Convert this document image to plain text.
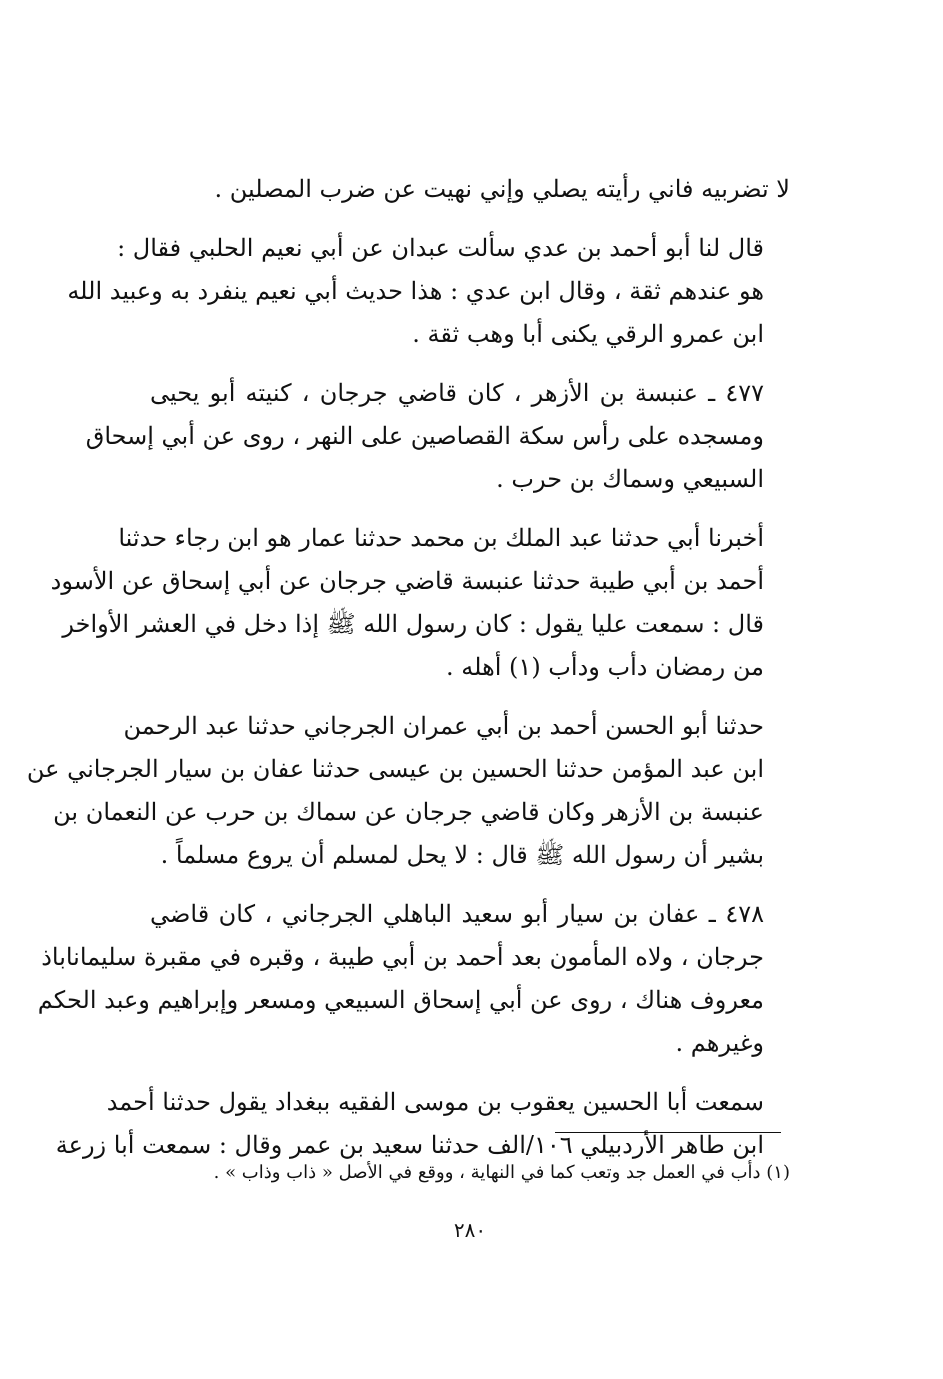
لا تضربيه فاني رأيته يصلي وإني نهيت عن ضرب المصلين .

قال لنا أبو أحمد بن عدي سألت عبدان عن أبي نعيم الحلبي فقال :
هو عندهم ثقة ، وقال ابن عدي : هذا حديث أبي نعيم ينفرد به وعبيد الله
ابن عمرو الرقي يكنى أبا وهب ثقة .

٤٧٧ ـ عنبسة بن الأزهر ، كان قاضي جرجان ، كنيته أبو يحيى
ومسجده على رأس سكة القصاصين على النهر ، روى عن أبي إسحاق
السبيعي وسماك بن حرب .

أخبرنا أبي حدثنا عبد الملك بن محمد حدثنا عمار هو ابن رجاء حدثنا
أحمد بن أبي طيبة حدثنا عنبسة قاضي جرجان عن أبي إسحاق عن الأسود
قال : سمعت عليا يقول : كان رسول الله ﷺ إذا دخل في العشر الأواخر
من رمضان دأب ودأب (١) أهله .

حدثنا أبو الحسن أحمد بن أبي عمران الجرجاني حدثنا عبد الرحمن
ابن عبد المؤمن حدثنا الحسين بن عيسى حدثنا عفان بن سيار الجرجاني عن
عنبسة بن الأزهر وكان قاضي جرجان عن سماك بن حرب عن النعمان بن
بشير أن رسول الله ﷺ قال : لا يحل لمسلم أن يروع مسلماً .

٤٧٨ ـ عفان بن سيار أبو سعيد الباهلي الجرجاني ، كان قاضي
جرجان ، ولاه المأمون بعد أحمد بن أبي طيبة ، وقبره في مقبرة سليماناباذ
معروف هناك ، روى عن أبي إسحاق السبيعي ومسعر وإبراهيم وعبد الحكم
وغيرهم .

سمعت أبا الحسين يعقوب بن موسى الفقيه ببغداد يقول حدثنا أحمد
ابن طاهر الأردبيلي ١٠٦/الف حدثنا سعيد بن عمر وقال : سمعت أبا زرعة

(١) دأب في العمل جد وتعب كما في النهاية ، ووقع في الأصل « ذاب وذاب » .
٢٨٠
